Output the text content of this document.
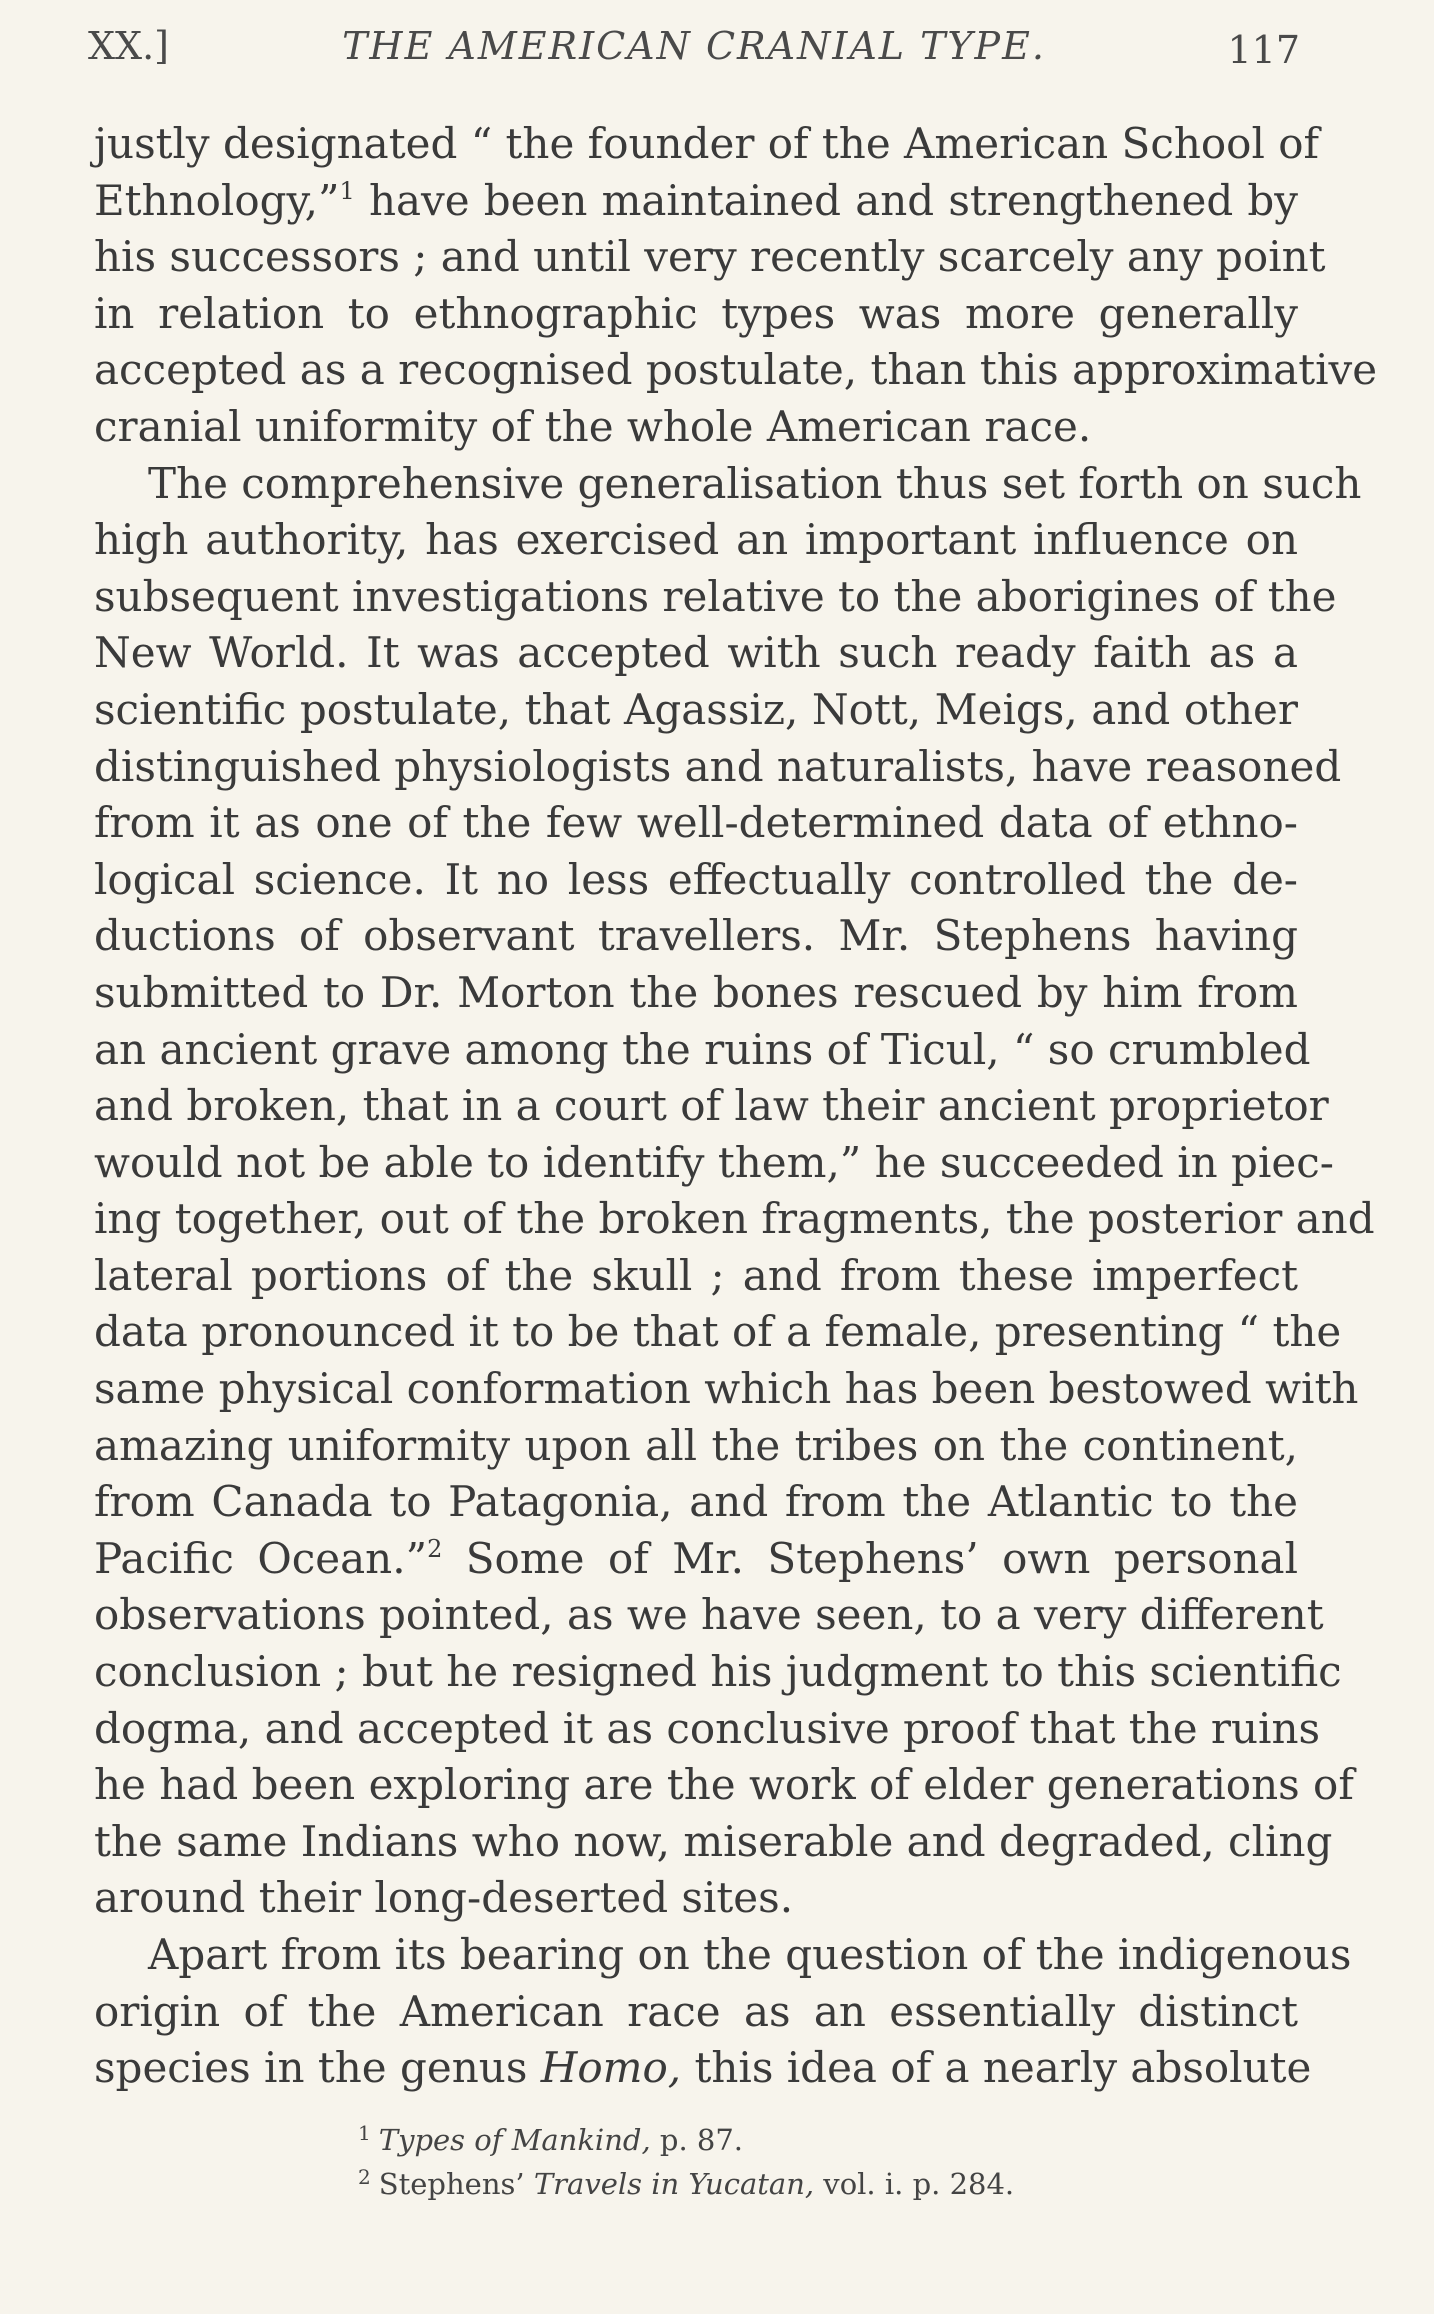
XX.]	THE AMERICAN CRANIAL TYPE.	117

justly designated “ the founder of the American School of
Ethnology,”$^1$ have been maintained and strengthened by
his successors ; and until very recently scarcely any point
in relation to ethnographic types was more generally
accepted as a recognised postulate, than this approximative
cranial uniformity of the whole American race.

The comprehensive generalisation thus set forth on such
high authority, has exercised an important influence on
subsequent investigations relative to the aborigines of the
New World. It was accepted with such ready faith as a
scientific postulate, that Agassiz, Nott, Meigs, and other
distinguished physiologists and naturalists, have reasoned
from it as one of the few well-determined data of ethno-
logical science. It no less effectually controlled the de-
ductions of observant travellers. Mr. Stephens having
submitted to Dr. Morton the bones rescued by him from
an ancient grave among the ruins of Ticul, “ so crumbled
and broken, that in a court of law their ancient proprietor
would not be able to identify them,” he succeeded in piec-
ing together, out of the broken fragments, the posterior and
lateral portions of the skull ; and from these imperfect
data pronounced it to be that of a female, presenting “ the
same physical conformation which has been bestowed with
amazing uniformity upon all the tribes on the continent,
from Canada to Patagonia, and from the Atlantic to the
Pacific Ocean.”$^2$ Some of Mr. Stephens’ own personal
observations pointed, as we have seen, to a very different
conclusion ; but he resigned his judgment to this scientific
dogma, and accepted it as conclusive proof that the ruins
he had been exploring are the work of elder generations of
the same Indians who now, miserable and degraded, cling
around their long-deserted sites.

Apart from its bearing on the question of the indigenous
origin of the American race as an essentially distinct
species in the genus Homo, this idea of a nearly absolute

$^1$ Types of Mankind, p. 87.
$^2$ Stephens’ Travels in Yucatan, vol. i. p. 284.
